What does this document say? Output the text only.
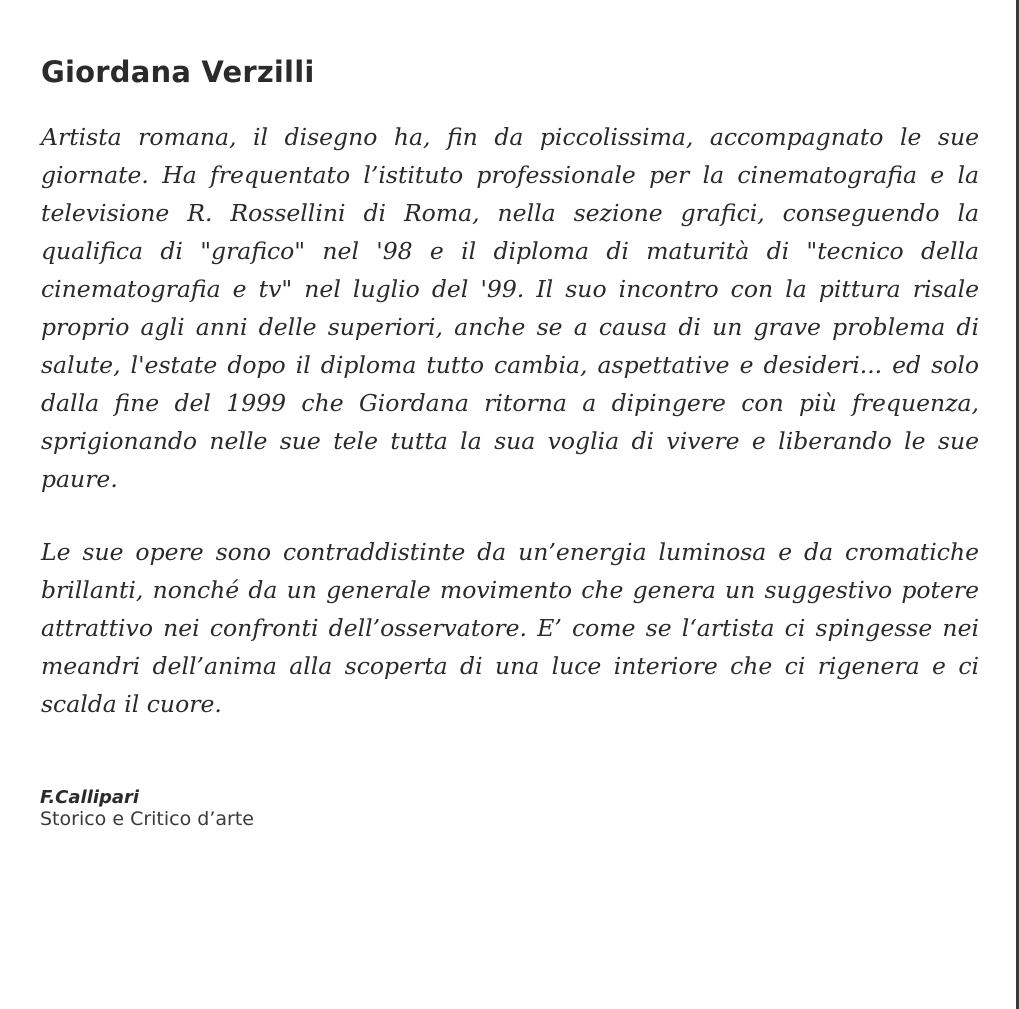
Giordana Verzilli

Artista romana, il disegno ha, fin da piccolissima, accompagnato le sue giornate. Ha frequentato l’istituto professionale per la cinematografia e la televisione R. Rossellini di Roma, nella sezione grafici, conseguendo la qualifica di "grafico" nel '98 e il diploma di maturità di "tecnico della cinematografia e tv" nel luglio del '99. Il suo incontro con la pittura risale proprio agli anni delle superiori, anche se a causa di un grave problema di salute, l'estate dopo il diploma tutto cambia, aspettative e desideri... ed solo dalla fine del 1999 che Giordana ritorna a dipingere con più frequenza, sprigionando nelle sue tele tutta la sua voglia di vivere e liberando le sue paure.

Le sue opere sono contraddistinte da un’energia luminosa e da cromatiche brillanti, nonché da un generale movimento che genera un suggestivo potere attrattivo nei confronti dell’osservatore. E’ come se l‘artista ci spingesse nei meandri dell’anima alla scoperta di una luce interiore che ci rigenera e ci scalda il cuore.

F.Callipari
Storico e Critico d’arte
